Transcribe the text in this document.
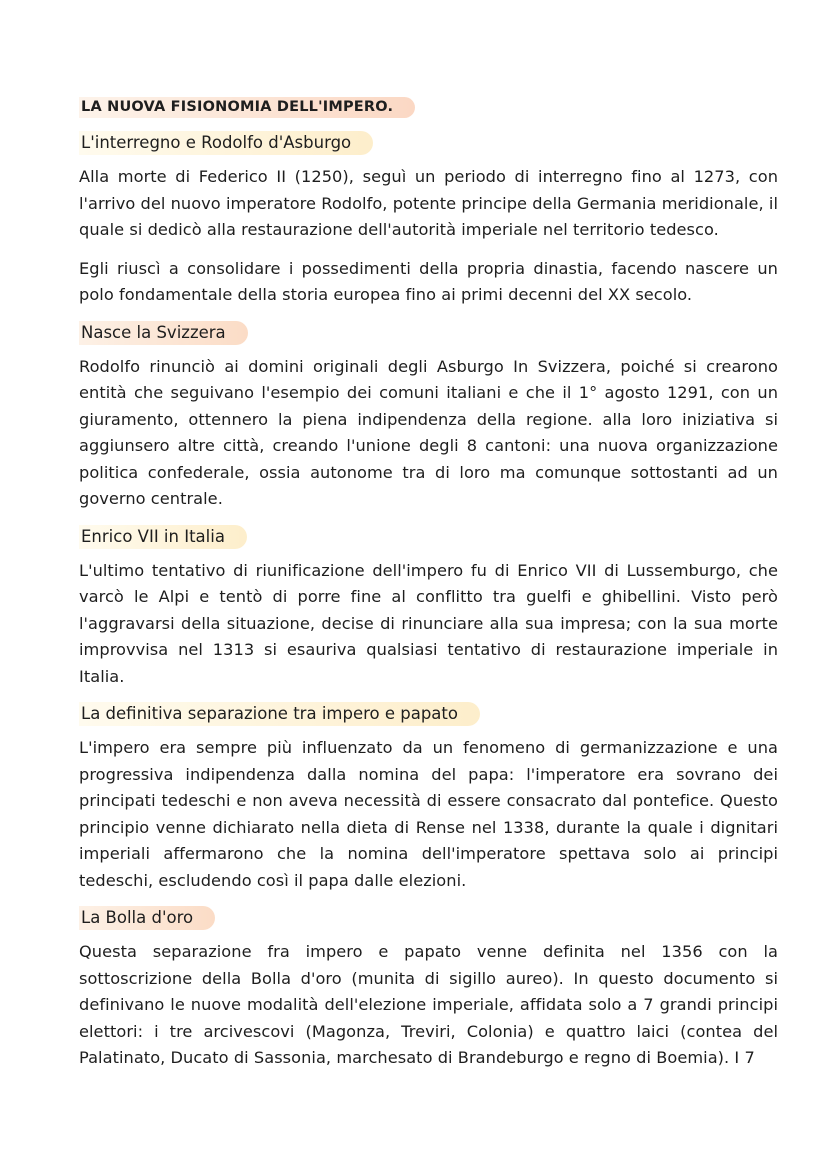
LA NUOVA FISIONOMIA DELL'IMPERO.
L'interregno e Rodolfo d'Asburgo

Alla morte di Federico II (1250), seguì un periodo di interregno fino al 1273, con l'arrivo del nuovo imperatore Rodolfo, potente principe della Germania meridionale, il quale si dedicò alla restaurazione dell'autorità imperiale nel territorio tedesco.

Egli riuscì a consolidare i possedimenti della propria dinastia, facendo nascere un polo fondamentale della storia europea fino ai primi decenni del XX secolo.

Nasce la Svizzera

Rodolfo rinunciò ai domini originali degli Asburgo In Svizzera, poiché si crearono entità che seguivano l'esempio dei comuni italiani e che il 1° agosto 1291, con un giuramento, ottennero la piena indipendenza della regione. alla loro iniziativa si aggiunsero altre città, creando l'unione degli 8 cantoni: una nuova organizzazione politica confederale, ossia autonome tra di loro ma comunque sottostanti ad un governo centrale.

Enrico VII in Italia

L'ultimo tentativo di riunificazione dell'impero fu di Enrico VII di Lussemburgo, che varcò le Alpi e tentò di porre fine al conflitto tra guelfi e ghibellini. Visto però l'aggravarsi della situazione, decise di rinunciare alla sua impresa; con la sua morte improvvisa nel 1313 si esauriva qualsiasi tentativo di restaurazione imperiale in Italia.

La definitiva separazione tra impero e papato

L'impero era sempre più influenzato da un fenomeno di germanizzazione e una progressiva indipendenza dalla nomina del papa: l'imperatore era sovrano dei principati tedeschi e non aveva necessità di essere consacrato dal pontefice. Questo principio venne dichiarato nella dieta di Rense nel 1338, durante la quale i dignitari imperiali affermarono che la nomina dell'imperatore spettava solo ai principi tedeschi, escludendo così il papa dalle elezioni.

La Bolla d'oro

Questa separazione fra impero e papato venne definita nel 1356 con la sottoscrizione della Bolla d'oro (munita di sigillo aureo). In questo documento si definivano le nuove modalità dell'elezione imperiale, affidata solo a 7 grandi principi elettori: i tre arcivescovi (Magonza, Treviri, Colonia) e quattro laici (contea del Palatinato, Ducato di Sassonia, marchesato di Brandeburgo e regno di Boemia). I 7
